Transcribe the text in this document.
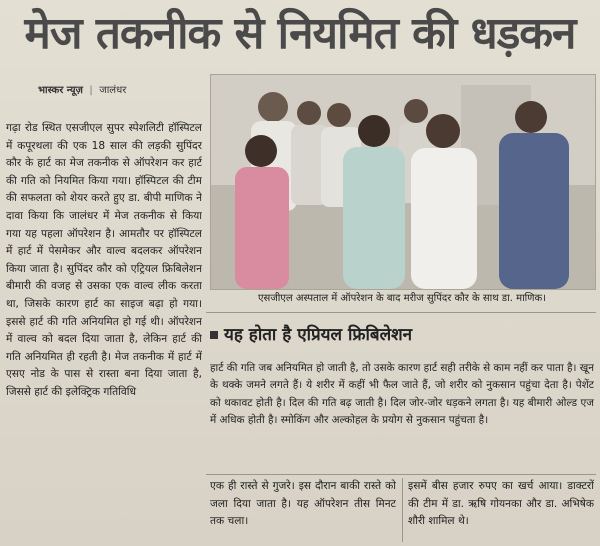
मेज तकनीक से नियमित की धड़कन
भास्कर न्यूज़ | जालंधर
गढ़ा रोड स्थित एसजीएल सुपर स्पेशलिटी हॉस्पिटल में कपूरथला की एक 18 साल की लड़की सुपिंदर कौर के हार्ट का मेज तकनीक से ऑपरेशन कर हार्ट की गति को नियमित किया गया। हॉस्पिटल की टीम की सफलता को शेयर करते हुए डा. बीपी माणिक ने दावा किया कि जालंधर में मेज तकनीक से किया गया यह पहला ऑपरेशन है। आमतौर पर हॉस्पिटल में हार्ट में पेसमेकर और वाल्व बदलकर ऑपरेशन किया जाता है। सुपिंदर कौर को एट्रियल फ्रिबिलेशन बीमारी की वजह से उसका एक वाल्व लीक करता था, जिसके कारण हार्ट का साइज बढ़ा हो गया। इससे हार्ट की गति अनियमित हो गई थी। ऑपरेशन में वाल्व को बदल दिया जाता है, लेकिन हार्ट की गति अनियमित ही रहती है। मेज तकनीक में हार्ट में एसए नोड के पास से रास्ता बना दिया जाता है, जिससे हार्ट की इलेक्ट्रिक गतिविधि
एसजीएल अस्पताल में ऑपरेशन के बाद मरीज सुपिंदर कौर के साथ डा. माणिक।
यह होता है एप्रियल फ्रिबिलेशन
हार्ट की गति जब अनियमित हो जाती है, तो उसके कारण हार्ट सही तरीके से काम नहीं कर पाता है। खून के थक्के जमने लगते हैं। ये शरीर में कहीं भी फैल जाते हैं, जो शरीर को नुकसान पहुंचा देता है। पेशेंट को थकावट होती है। दिल की गति बढ़ जाती है। दिल जोर-जोर धड़कने लगता है। यह बीमारी ओल्ड एज में अधिक होती है। स्मोकिंग और अल्कोहल के प्रयोग से नुकसान पहुंचता है।
एक ही रास्ते से गुजरे। इस दौरान बाकी रास्ते को जला दिया जाता है। यह ऑपरेशन तीस मिनट तक चला।
इसमें बीस हजार रुपए का खर्च आया। डाक्टरों की टीम में डा. ऋषि गोयनका और डा. अभिषेक शौरी शामिल थे।
